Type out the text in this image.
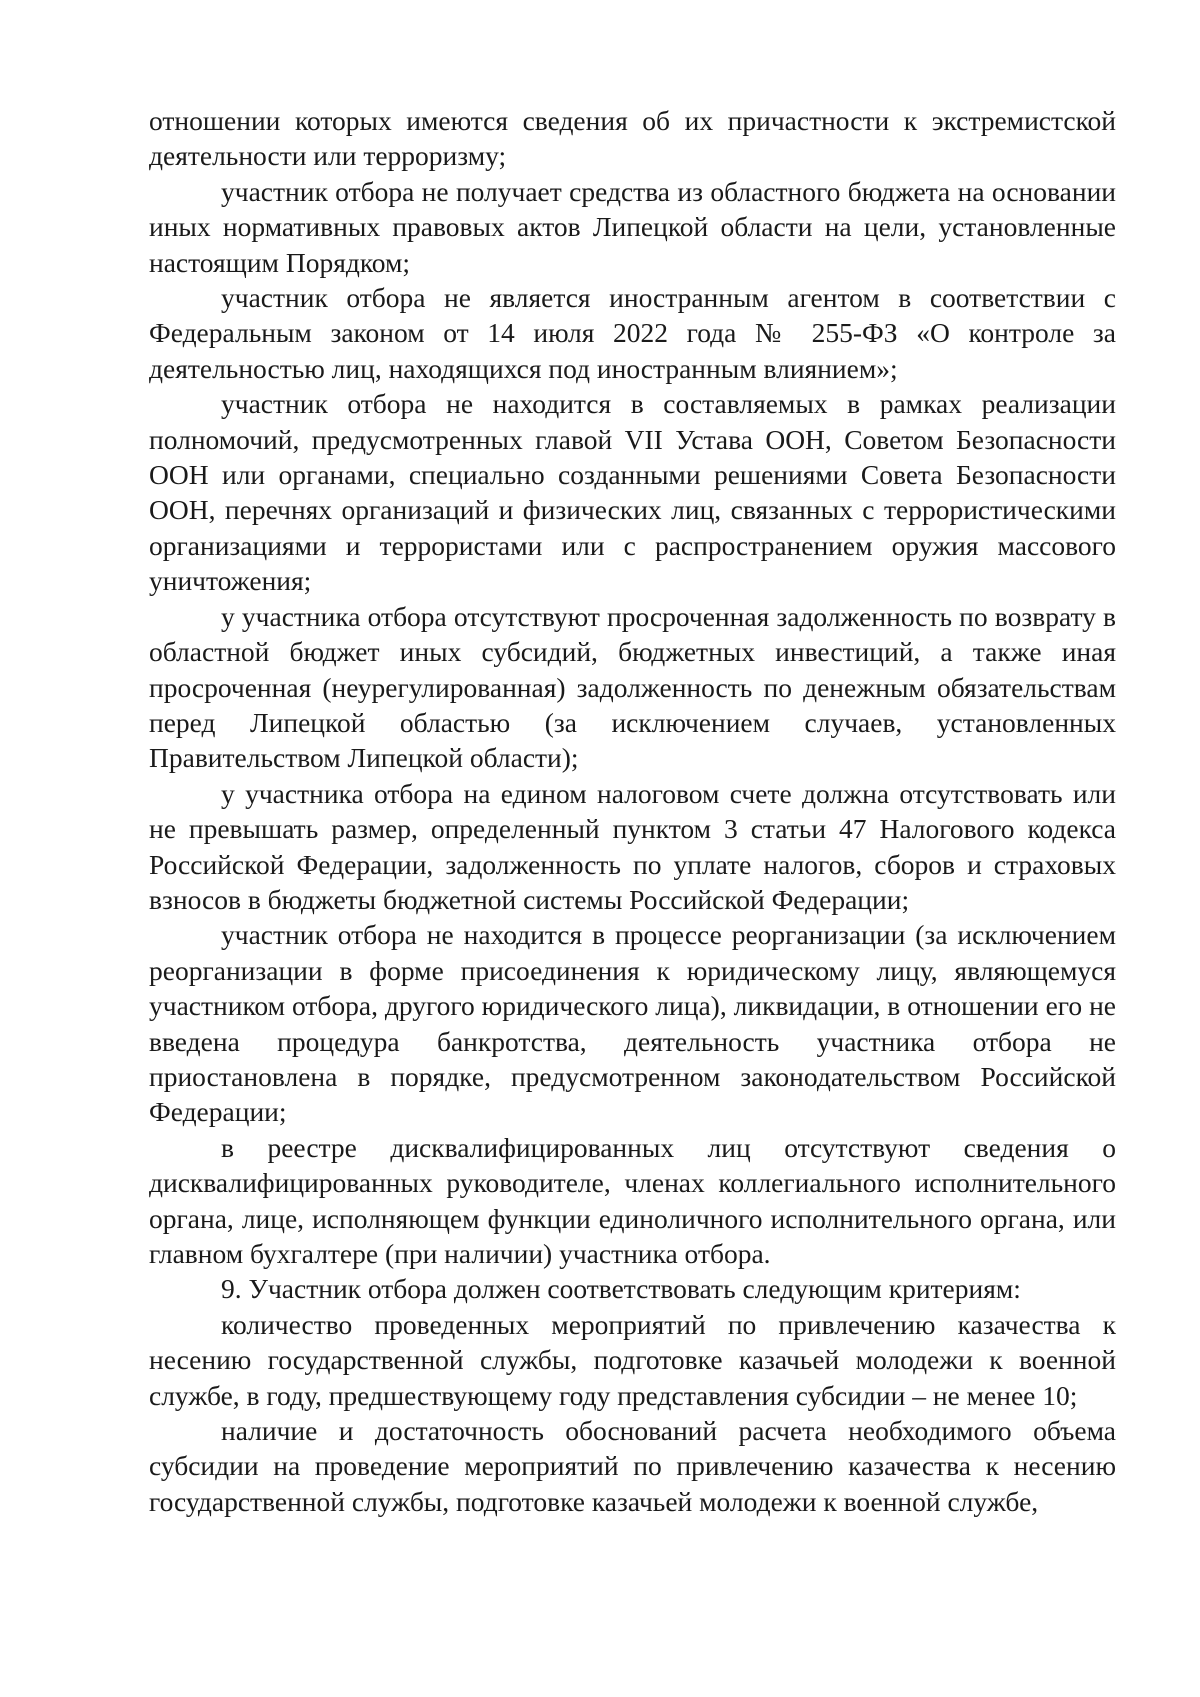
отношении которых имеются сведения об их причастности к экстремистской деятельности или терроризму;

участник отбора не получает средства из областного бюджета на основании иных нормативных правовых актов Липецкой области на цели, установленные настоящим Порядком;

участник отбора не является иностранным агентом в соответствии с Федеральным законом от 14 июля 2022 года № 255-ФЗ «О контроле за деятельностью лиц, находящихся под иностранным влиянием»;

участник отбора не находится в составляемых в рамках реализации полномочий, предусмотренных главой VII Устава ООН, Советом Безопасности ООН или органами, специально созданными решениями Совета Безопасности ООН, перечнях организаций и физических лиц, связанных с террористическими организациями и террористами или с распространением оружия массового уничтожения;

у участника отбора отсутствуют просроченная задолженность по возврату в областной бюджет иных субсидий, бюджетных инвестиций, а также иная просроченная (неурегулированная) задолженность по денежным обязательствам перед Липецкой областью (за исключением случаев, установленных Правительством Липецкой области);

у участника отбора на едином налоговом счете должна отсутствовать или не превышать размер, определенный пунктом 3 статьи 47 Налогового кодекса Российской Федерации, задолженность по уплате налогов, сборов и страховых взносов в бюджеты бюджетной системы Российской Федерации;

участник отбора не находится в процессе реорганизации (за исключением реорганизации в форме присоединения к юридическому лицу, являющемуся участником отбора, другого юридического лица), ликвидации, в отношении его не введена процедура банкротства, деятельность участника отбора не приостановлена в порядке, предусмотренном законодательством Российской Федерации;

в реестре дисквалифицированных лиц отсутствуют сведения о дисквалифицированных руководителе, членах коллегиального исполнительного органа, лице, исполняющем функции единоличного исполнительного органа, или главном бухгалтере (при наличии) участника отбора.

9. Участник отбора должен соответствовать следующим критериям:

количество проведенных мероприятий по привлечению казачества к несению государственной службы, подготовке казачьей молодежи к военной службе, в году, предшествующему году представления субсидии – не менее 10;

наличие и достаточность обоснований расчета необходимого объема субсидии на проведение мероприятий по привлечению казачества к несению государственной службы, подготовке казачьей молодежи к военной службе,
